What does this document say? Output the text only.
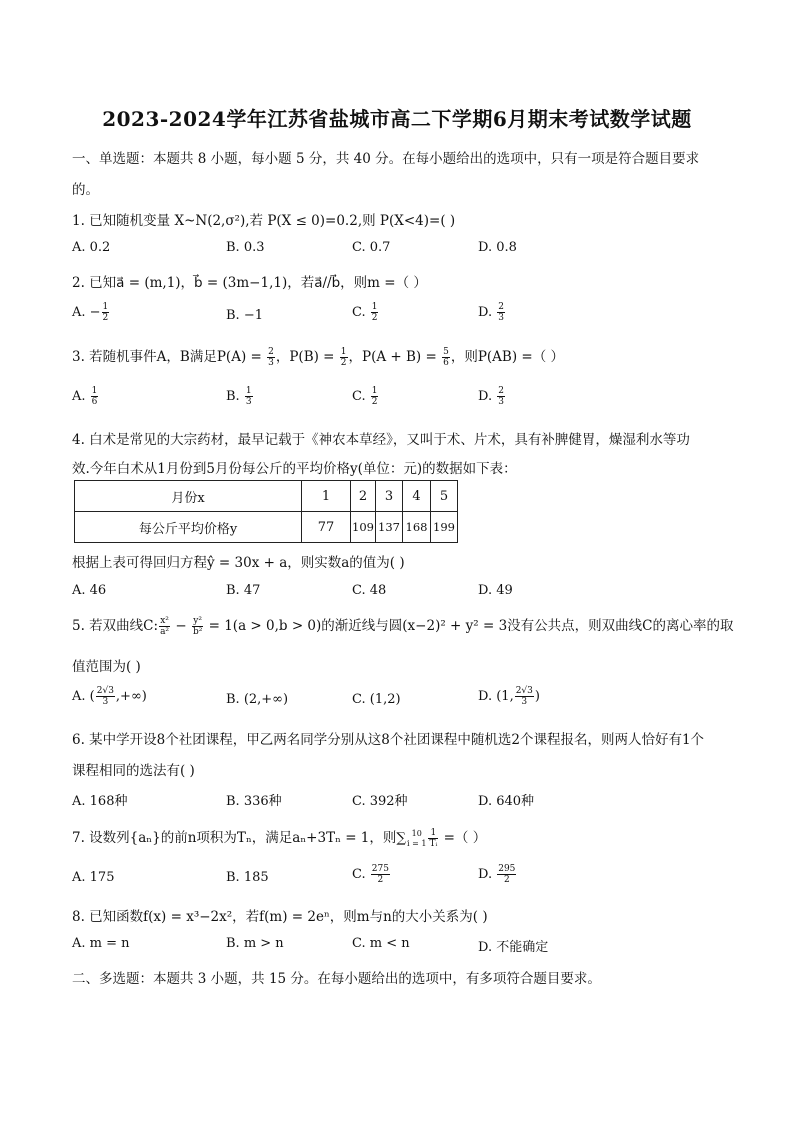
2023-2024学年江苏省盐城市高二下学期6月期末考试数学试题
一、单选题：本题共 8 小题，每小题 5 分，共 40 分。在每小题给出的选项中，只有一项是符合题目要求
的。
1. 已知随机变量 X~N(2,σ²),若 P(X ≤ 0)=0.2,则 P(X<4)=( )
A. 0.2	B. 0.3	C. 0.7	D. 0.8
2. 已知a⃗ = (m,1)，b⃗ = (3m−1,1)，若a⃗//b⃗，则m =（ ）
A. − $\frac{1}{2}$	B. −1	C. $\frac{1}{2}$	D. $\frac{2}{3}$
3. 若随机事件A，B满足$P(A) = \frac{2}{3}$ ，$P(B) = \frac{1}{2}$ ，$P(A + B) = \frac{5}{6}$ ，则P(AB) =（ ）
A. $\frac{1}{6}$	B. $\frac{1}{3}$	C. $\frac{1}{2}$	D. $\frac{2}{3}$
4. 白术是常见的大宗药材，最早记载于《神农本草经》，又叫于术、片术，具有补脾健胃，燥湿利水等功
效.今年白术从1月份到5月份每公斤的平均价格y(单位：元)的数据如下表：
月份x	1	2	3	4	5
每公斤平均价格y	77	109	137	168	199
根据上表可得回归方程ŷ = 30x + a，则实数a的值为( )
A. 46	B. 47	C. 48	D. 49
5. 若双曲线C: $\frac{\text{x²}}{\text{a²}} - \frac{\text{y²}}{\text{b²}} = 1(a > 0,b > 0)$的渐近线与圆(x−2)² + y² = 3没有公共点，则双曲线C的离心率的取
值范围为( )
A. ( $\frac{2√3}{3}$ ,+∞)	B. (2,+∞)	C. (1,2)	D. (1, $\frac{2√3}{3}$ )
6. 某中学开设8个社团课程，甲乙两名同学分别从这8个社团课程中随机选2个课程报名，则两人恰好有1个
课程相同的选法有( )
A. 168种	B. 336种	C. 392种	D. 640种
7. 设数列{aₙ}的前n项积为Tₙ，满足aₙ+3Tₙ = 1，则∑ 10
$i = 1 \frac{1}{\text{Tᵢ}}$ =（ ）
A. 175	B. 185	C. $\frac{275}{2}$	D. $\frac{295}{2}$
8. 已知函数f(x) = x³−2x²，若f(m) = 2eⁿ，则m与n的大小关系为( )
A. m = n	B. m > n	C. m < n	D. 不能确定
二、多选题：本题共 3 小题，共 15 分。在每小题给出的选项中，有多项符合题目要求。
